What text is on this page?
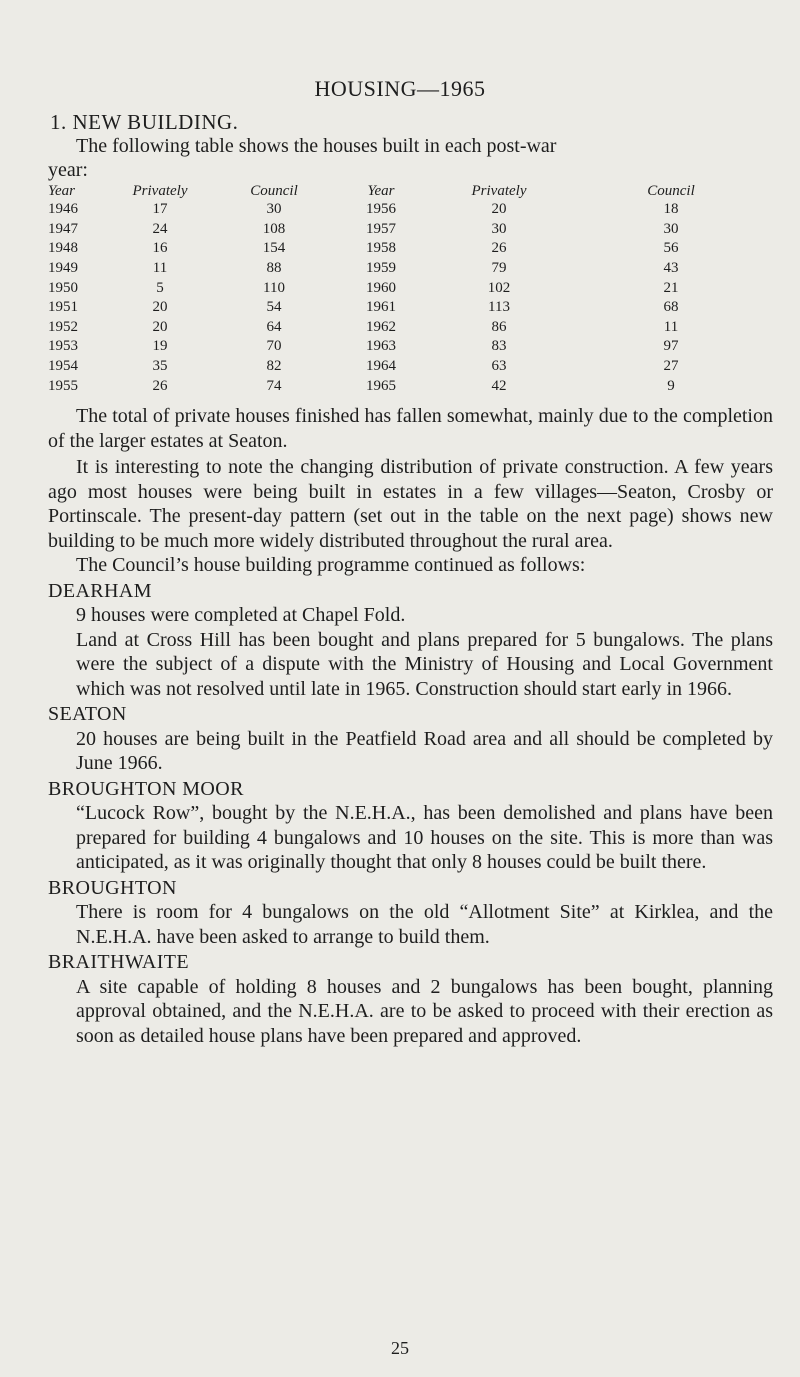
HOUSING—1965
1. NEW BUILDING.
The following table shows the houses built in each post-war
year:
Year	Privately	Council	Year	Privately	Council
1946	17	30	1956	20	18
1947	24	108	1957	30	30
1948	16	154	1958	26	56
1949	11	88	1959	79	43
1950	5	110	1960	102	21
1951	20	54	1961	113	68
1952	20	64	1962	86	11
1953	19	70	1963	83	97
1954	35	82	1964	63	27
1955	26	74	1965	42	9

The total of private houses finished has fallen somewhat, mainly due to the completion of the larger estates at Seaton.

It is interesting to note the changing distribution of private construction. A few years ago most houses were being built in estates in a few villages—Seaton, Crosby or Portinscale. The present-day pattern (set out in the table on the next page) shows new building to be much more widely distributed throughout the rural area.

The Council’s house building programme continued as follows:

DEARHAM
9 houses were completed at Chapel Fold.
Land at Cross Hill has been bought and plans prepared for 5 bungalows. The plans were the subject of a dispute with the Ministry of Housing and Local Government which was not resolved until late in 1965. Construction should start early in 1966.
SEATON
20 houses are being built in the Peatfield Road area and all should be completed by June 1966.
BROUGHTON MOOR
“Lucock Row”, bought by the N.E.H.A., has been demolished and plans have been prepared for building 4 bungalows and 10 houses on the site. This is more than was anticipated, as it was originally thought that only 8 houses could be built there.
BROUGHTON
There is room for 4 bungalows on the old “Allotment Site” at Kirklea, and the N.E.H.A. have been asked to arrange to build them.
BRAITHWAITE
A site capable of holding 8 houses and 2 bungalows has been bought, planning approval obtained, and the N.E.H.A. are to be asked to proceed with their erection as soon as detailed house plans have been prepared and approved.
25
